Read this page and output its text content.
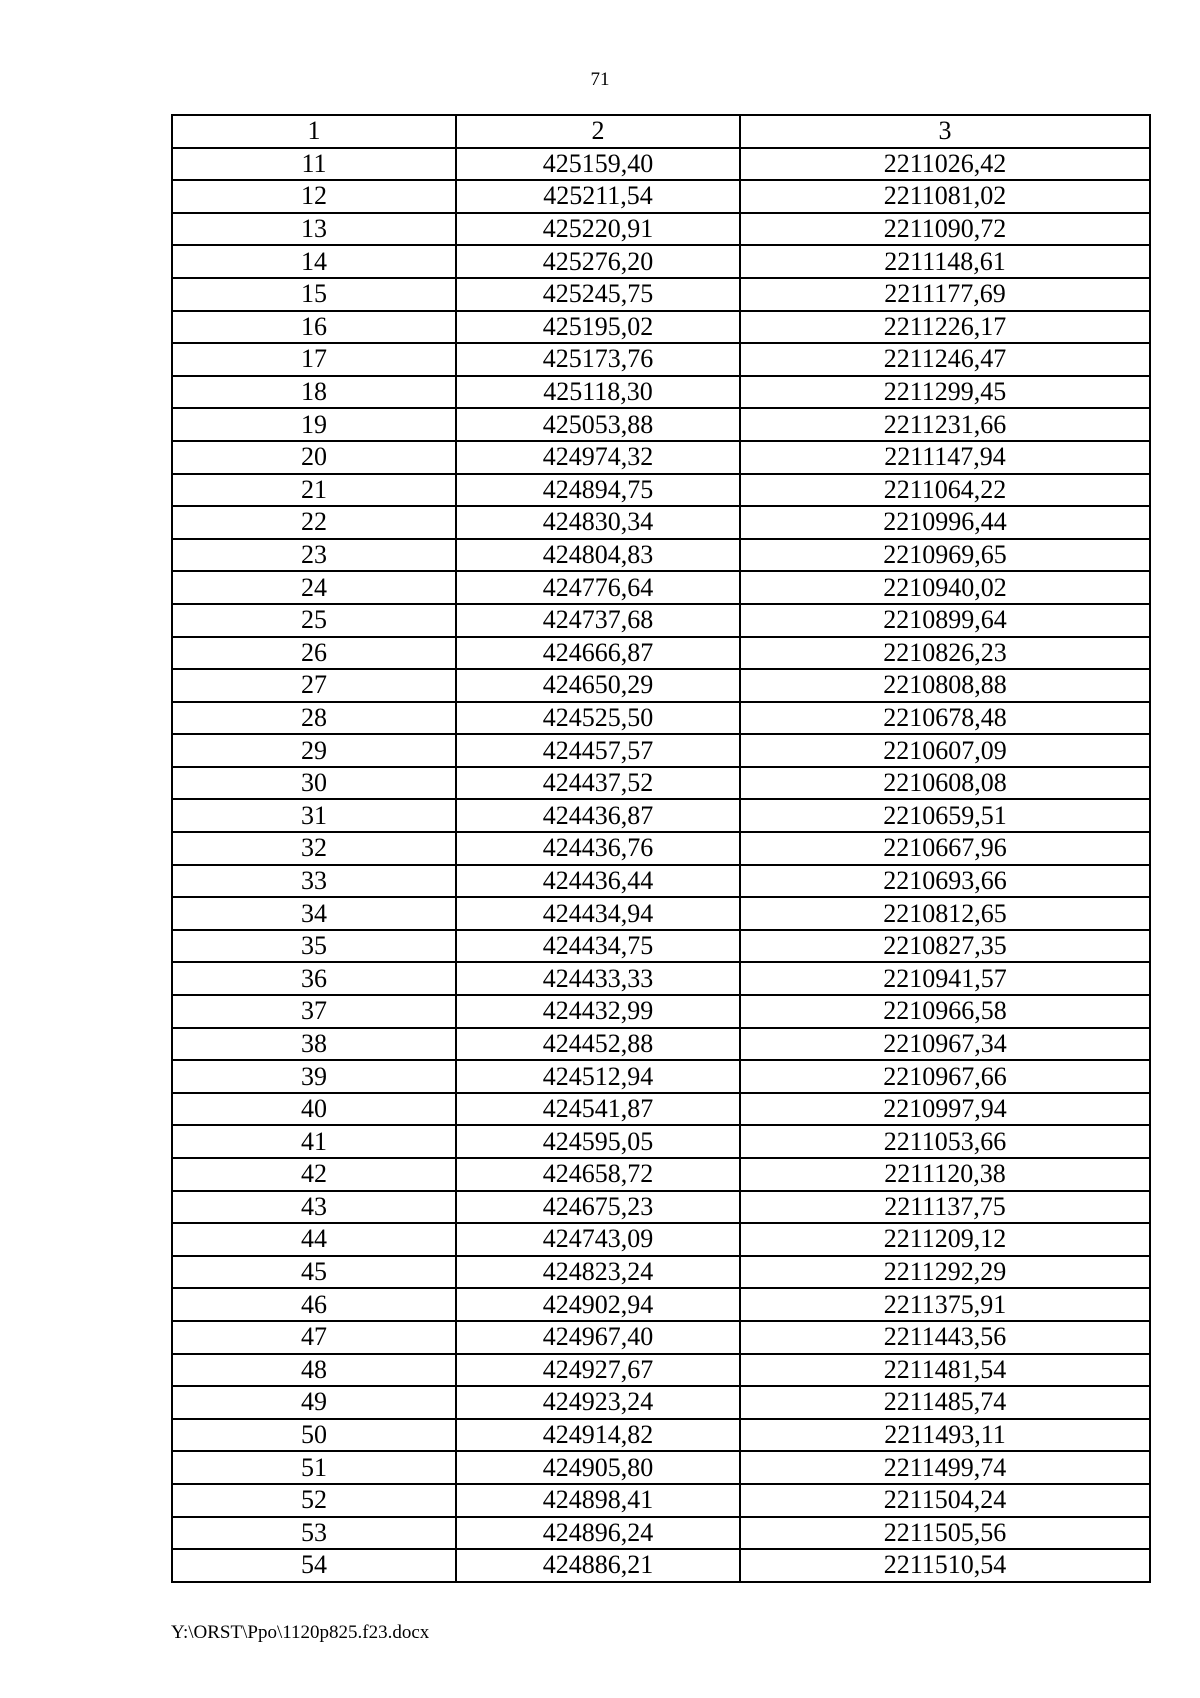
71
1	2	3
11	425159,40	2211026,42
12	425211,54	2211081,02
13	425220,91	2211090,72
14	425276,20	2211148,61
15	425245,75	2211177,69
16	425195,02	2211226,17
17	425173,76	2211246,47
18	425118,30	2211299,45
19	425053,88	2211231,66
20	424974,32	2211147,94
21	424894,75	2211064,22
22	424830,34	2210996,44
23	424804,83	2210969,65
24	424776,64	2210940,02
25	424737,68	2210899,64
26	424666,87	2210826,23
27	424650,29	2210808,88
28	424525,50	2210678,48
29	424457,57	2210607,09
30	424437,52	2210608,08
31	424436,87	2210659,51
32	424436,76	2210667,96
33	424436,44	2210693,66
34	424434,94	2210812,65
35	424434,75	2210827,35
36	424433,33	2210941,57
37	424432,99	2210966,58
38	424452,88	2210967,34
39	424512,94	2210967,66
40	424541,87	2210997,94
41	424595,05	2211053,66
42	424658,72	2211120,38
43	424675,23	2211137,75
44	424743,09	2211209,12
45	424823,24	2211292,29
46	424902,94	2211375,91
47	424967,40	2211443,56
48	424927,67	2211481,54
49	424923,24	2211485,74
50	424914,82	2211493,11
51	424905,80	2211499,74
52	424898,41	2211504,24
53	424896,24	2211505,56
54	424886,21	2211510,54
Y:\ORST\Ppo\1120p825.f23.docx
